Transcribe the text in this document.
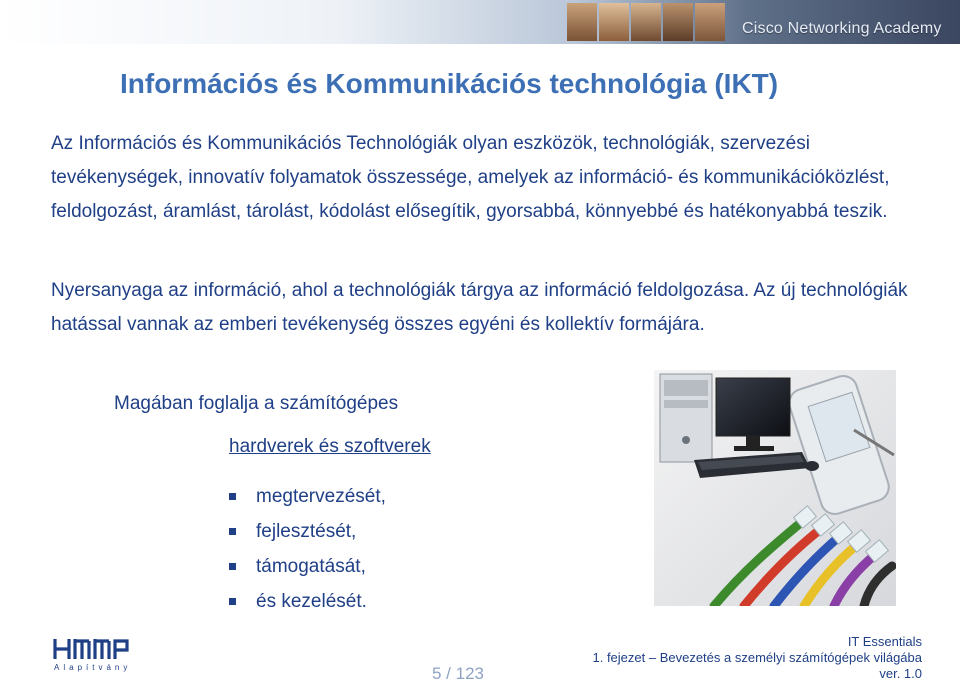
Cisco Networking Academy
Információs és Kommunikációs technológia (IKT)

Az Információs és Kommunikációs Technológiák olyan eszközök, technológiák, szervezési tevékenységek, innovatív folyamatok összessége, amelyek az információ- és kommunikációközlést, feldolgozást, áramlást, tárolást, kódolást elősegítik, gyorsabbá, könnyebbé és hatékonyabbá teszik.

Nyersanyaga az információ, ahol a technológiák tárgya az információ feldolgozása. Az új technológiák hatással vannak az emberi tevékenység összes egyéni és kollektív formájára.

Magában foglalja a számítógépes
hardverek és szoftverek
megtervezését,
fejlesztését,
támogatását,
és kezelését.
Alapítvány	5 / 123
IT Essentials
1. fejezet – Bevezetés a személyi számítógépek világába
ver. 1.0
